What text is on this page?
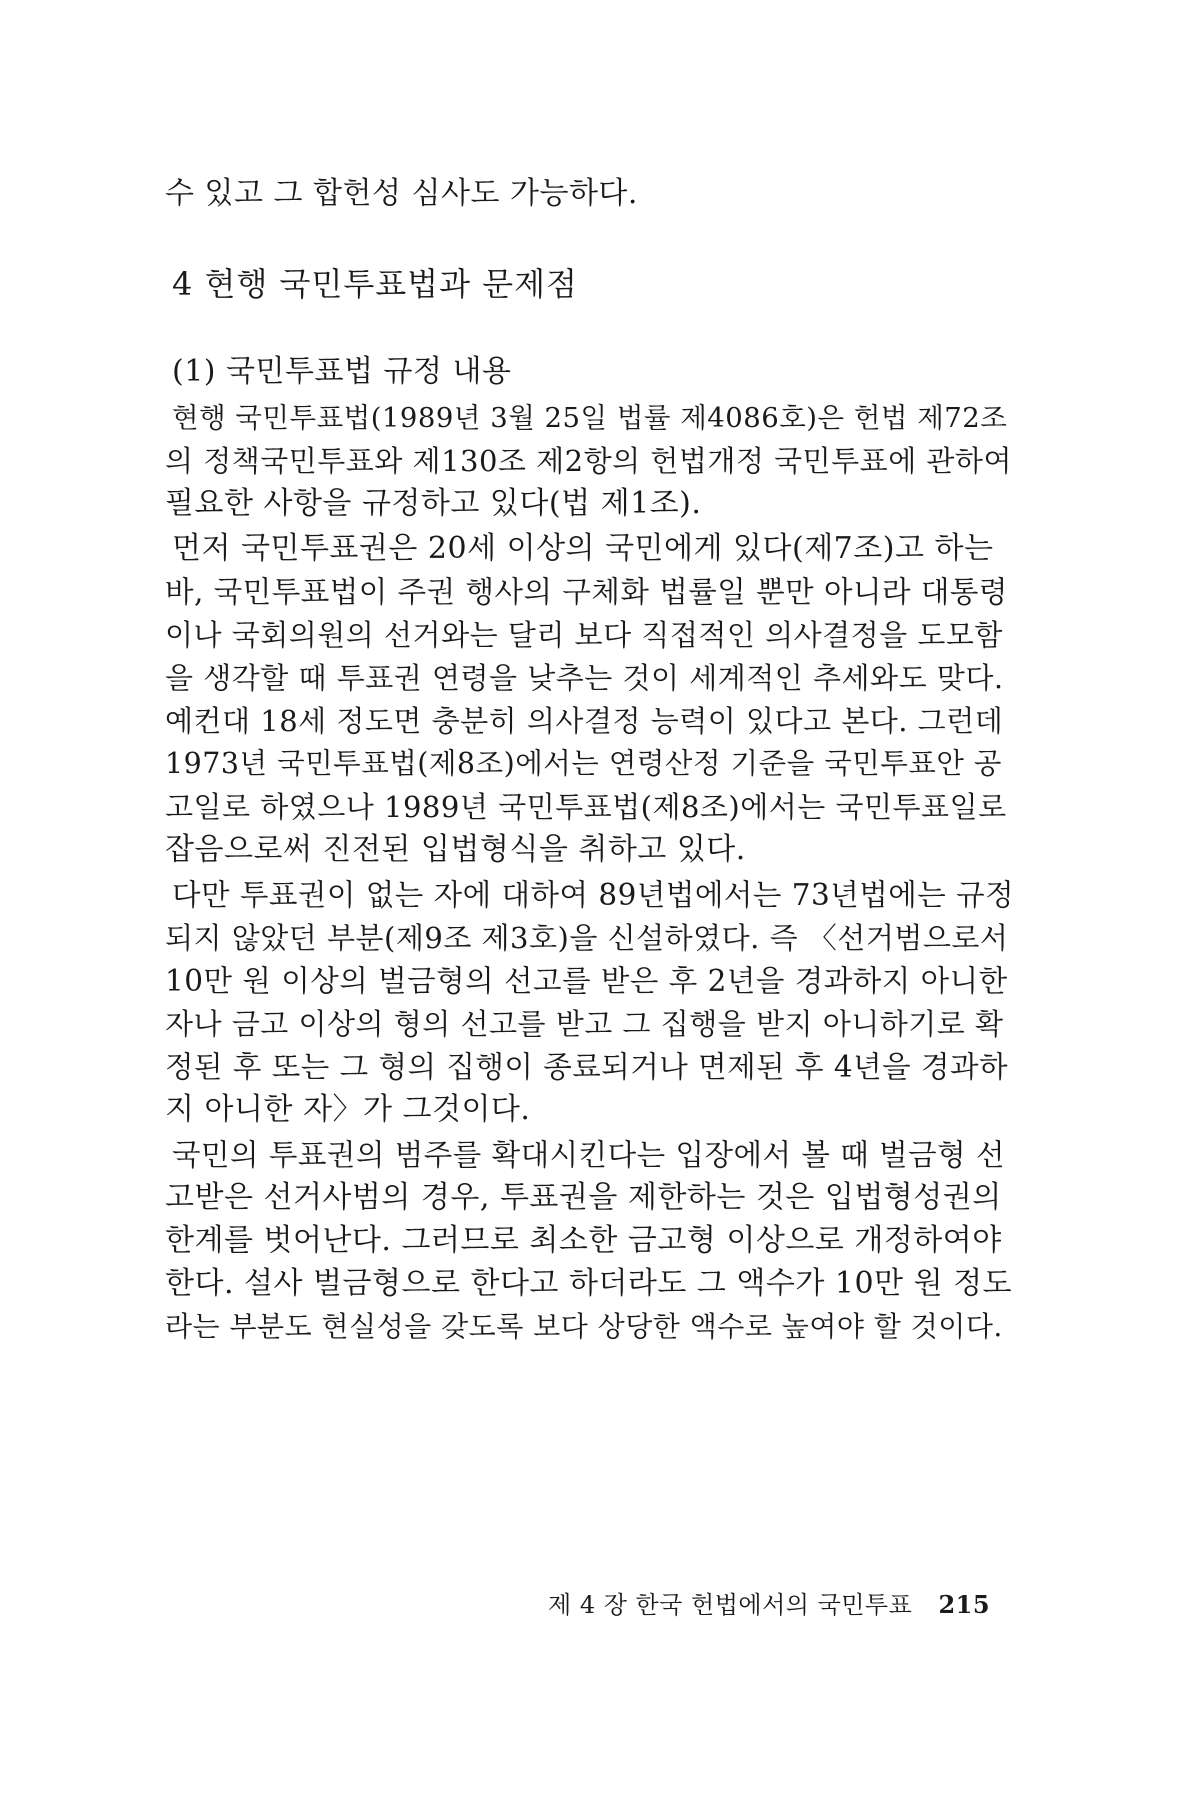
수 있고 그 합헌성 심사도 가능하다.
4 현행 국민투표법과 문제점
(1) 국민투표법 규정 내용
현행 국민투표법(1989년 3월 25일 법률 제4086호)은 헌법 제72조
의 정책국민투표와 제130조 제2항의 헌법개정 국민투표에 관하여
필요한 사항을 규정하고 있다(법 제1조).
먼저 국민투표권은 20세 이상의 국민에게 있다(제7조)고 하는
바, 국민투표법이 주권 행사의 구체화 법률일 뿐만 아니라 대통령
이나 국회의원의 선거와는 달리 보다 직접적인 의사결정을 도모함
을 생각할 때 투표권 연령을 낮추는 것이 세계적인 추세와도 맞다.
예컨대 18세 정도면 충분히 의사결정 능력이 있다고 본다. 그런데
1973년 국민투표법(제8조)에서는 연령산정 기준을 국민투표안 공
고일로 하였으나 1989년 국민투표법(제8조)에서는 국민투표일로
잡음으로써 진전된 입법형식을 취하고 있다.
다만 투표권이 없는 자에 대하여 89년법에서는 73년법에는 규정
되지 않았던 부분(제9조 제3호)을 신설하였다. 즉 〈선거범으로서
10만 원 이상의 벌금형의 선고를 받은 후 2년을 경과하지 아니한
자나 금고 이상의 형의 선고를 받고 그 집행을 받지 아니하기로 확
정된 후 또는 그 형의 집행이 종료되거나 면제된 후 4년을 경과하
지 아니한 자〉가 그것이다.
국민의 투표권의 범주를 확대시킨다는 입장에서 볼 때 벌금형 선
고받은 선거사범의 경우, 투표권을 제한하는 것은 입법형성권의
한계를 벗어난다. 그러므로 최소한 금고형 이상으로 개정하여야
한다. 설사 벌금형으로 한다고 하더라도 그 액수가 10만 원 정도
라는 부분도 현실성을 갖도록 보다 상당한 액수로 높여야 할 것이다.
제 4 장 한국 헌법에서의 국민투표 215
